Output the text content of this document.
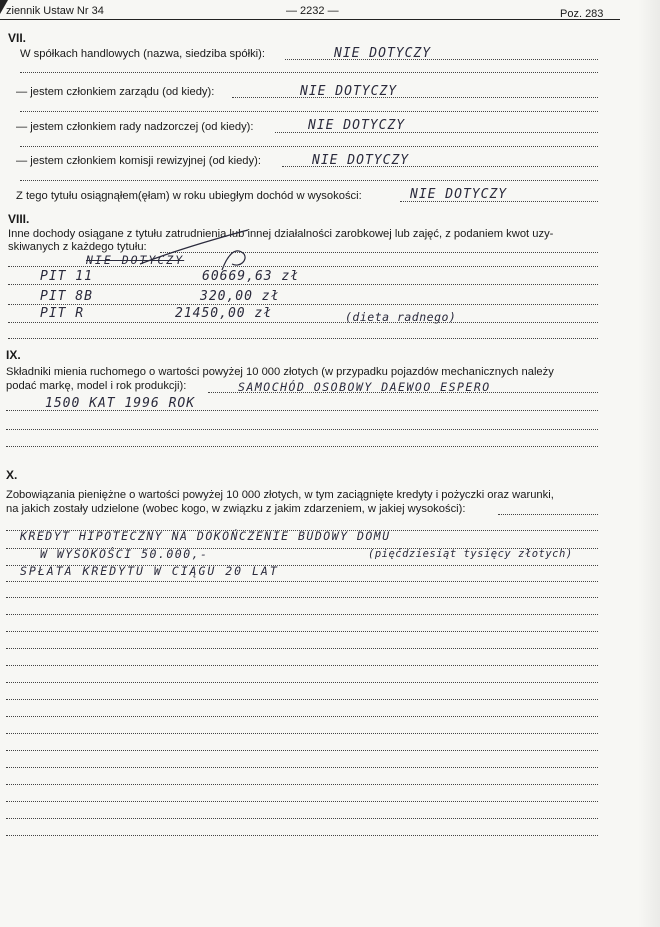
ziennik Ustaw Nr 34	— 2232 —	Poz. 283
VII.
W spółkach handlowych (nazwa, siedziba spółki):	NIE DOTYCZY
— jestem członkiem zarządu (od kiedy):	NIE DOTYCZY
— jestem członkiem rady nadzorczej (od kiedy):	NIE DOTYCZY
— jestem członkiem komisji rewizyjnej (od kiedy):	NIE DOTYCZY
Z tego tytułu osiągnąłem(ęłam) w roku ubiegłym dochód w wysokości:	NIE DOTYCZY
VIII.
Inne dochody osiągane z tytułu zatrudnienia lub innej działalności zarobkowej lub zajęć, z podaniem kwot uzy-
skiwanych z każdego tytułu:
NIE DOTYCZY
PIT 11	60669,63 zł
PIT 8B	320,00 zł
PIT R	21450,00 zł	(dieta radnego)
IX.
Składniki mienia ruchomego o wartości powyżej 10 000 złotych (w przypadku pojazdów mechanicznych należy
podać markę, model i rok produkcji):	SAMOCHÓD OSOBOWY DAEWOO ESPERO
1500 KAT 1996 ROK
X.
Zobowiązania pieniężne o wartości powyżej 10 000 złotych, w tym zaciągnięte kredyty i pożyczki oraz warunki,
na jakich zostały udzielone (wobec kogo, w związku z jakim zdarzeniem, w jakiej wysokości):
KREDYT HIPOTECZNY NA DOKOŃCZENIE BUDOWY DOMU
W WYSOKOŚCI 50.000,-	(pięćdziesiąt tysięcy złotych)
SPŁATA KREDYTU W CIĄGU 20 LAT
